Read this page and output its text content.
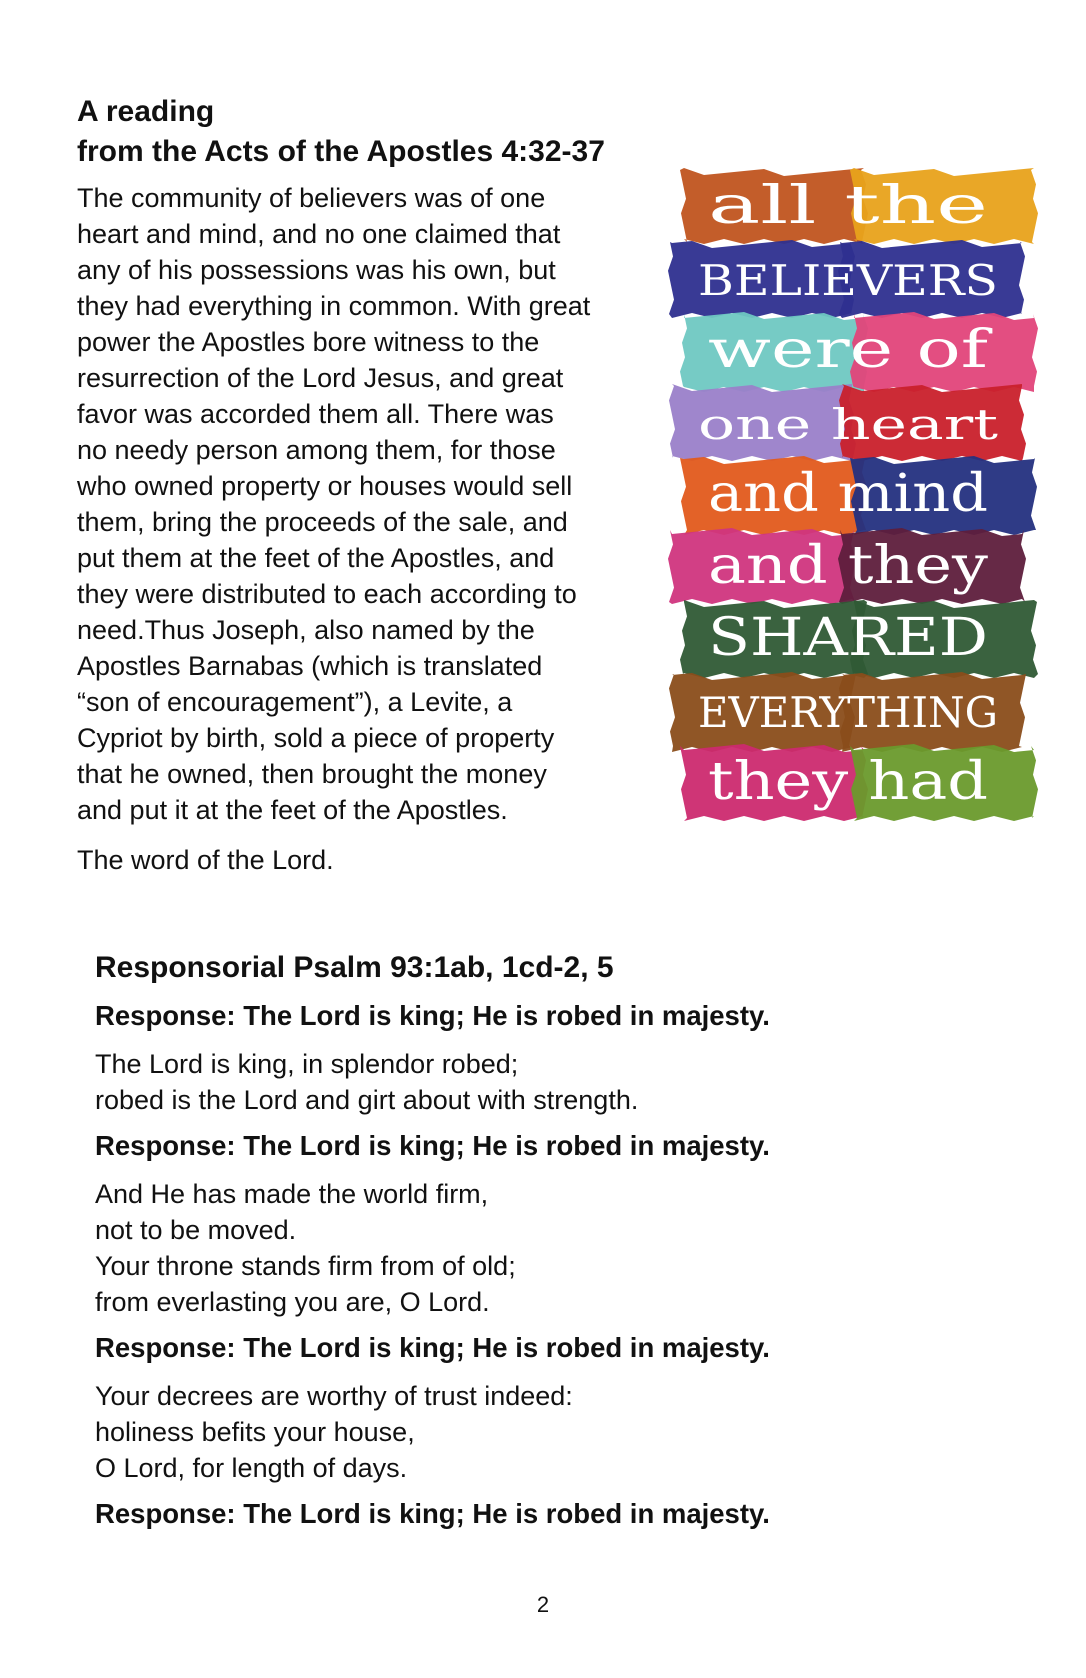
A reading
from the Acts of the Apostles 4:32-37
The community of believers was of one
heart and mind, and no one claimed that
any of his possessions was his own, but
they had everything in common. With great
power the Apostles bore witness to the
resurrection of the Lord Jesus, and great
favor was accorded them all. There was
no needy person among them, for those
who owned property or houses would sell
them, bring the proceeds of the sale, and
put them at the feet of the Apostles, and
they were distributed to each according to
need.Thus Joseph, also named by the
Apostles Barnabas (which is translated
“son of encouragement”), a Levite, a
Cypriot by birth, sold a piece of property
that he owned, then brought the money
and put it at the feet of the Apostles.
The word of the Lord.
all the
BELIEVERS
were of
one heart
and mind
and they
SHARED
EVERYTHING
they had
Responsorial Psalm 93:1ab, 1cd-2, 5
Response: The Lord is king; He is robed in majesty.
The Lord is king, in splendor robed;
robed is the Lord and girt about with strength.
Response: The Lord is king; He is robed in majesty.
And He has made the world firm,
not to be moved.
Your throne stands firm from of old;
from everlasting you are, O Lord.
Response: The Lord is king; He is robed in majesty.
Your decrees are worthy of trust indeed:
holiness befits your house,
O Lord, for length of days.
Response: The Lord is king; He is robed in majesty.
2
